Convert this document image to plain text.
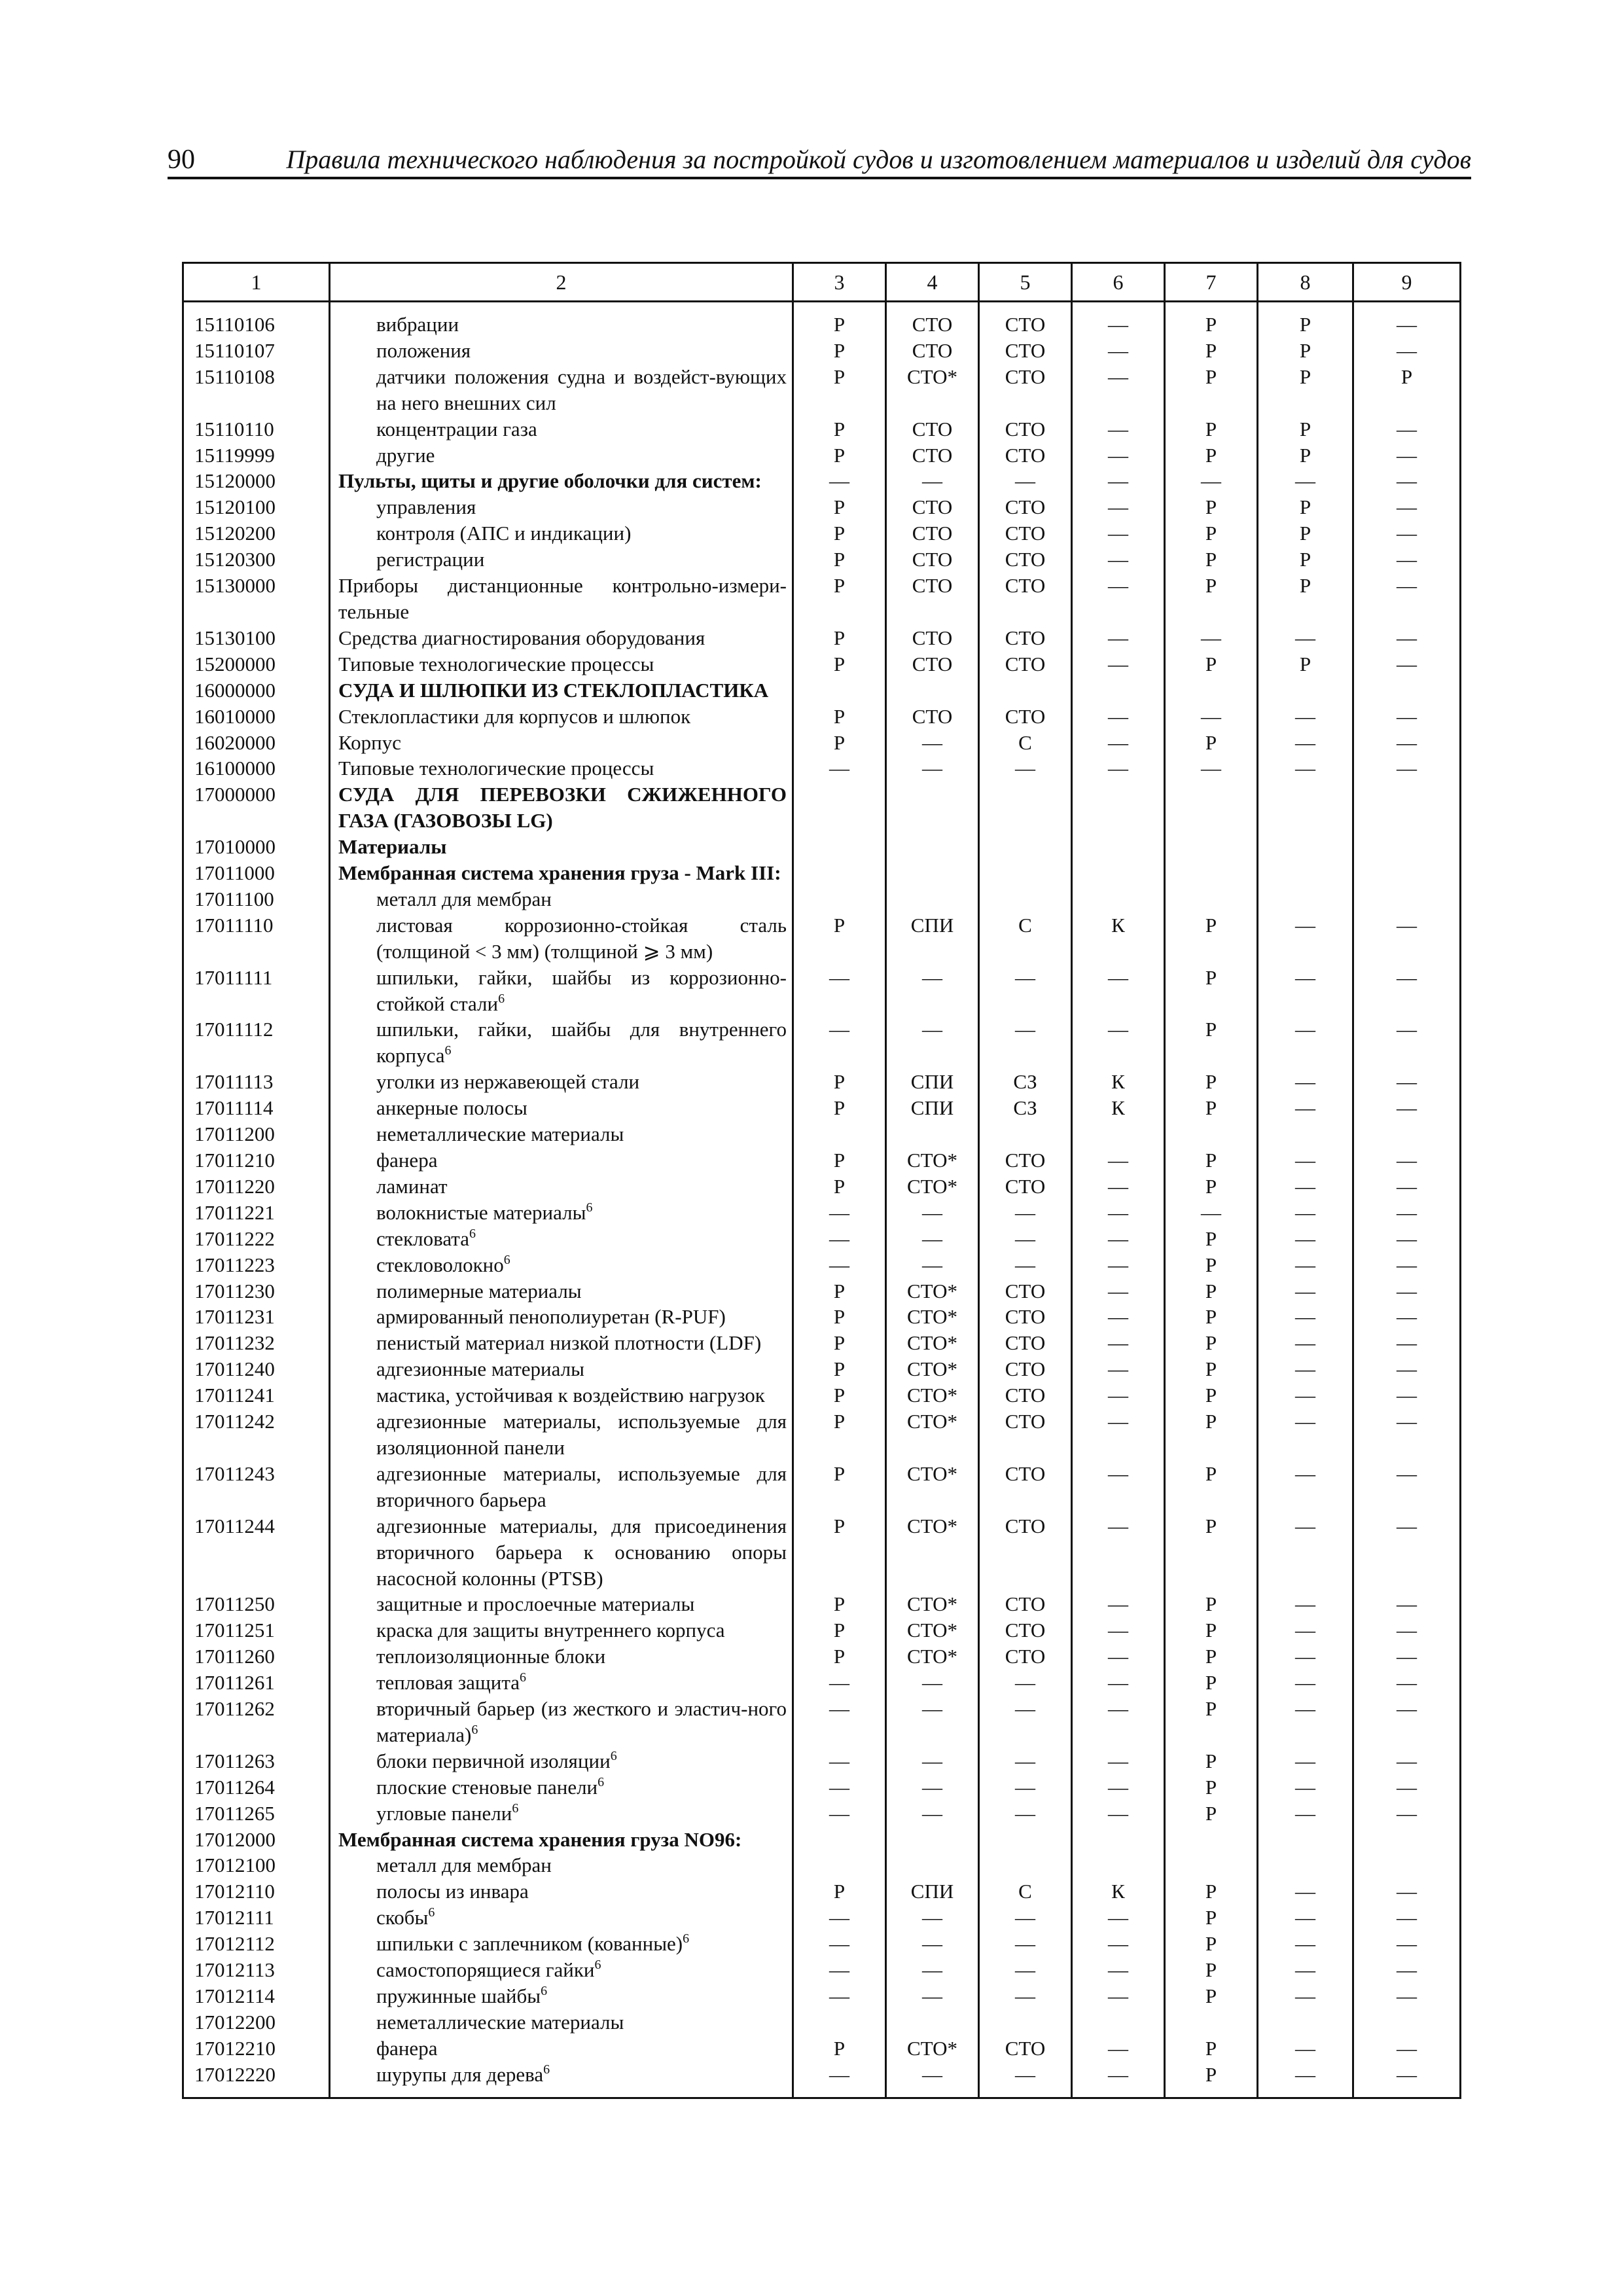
90	Правила технического наблюдения за постройкой судов и изготовлением материалов и изделий для судов
1	2	3	4	5	6	7	8	9
15110106	вибрации	Р	СТО	СТО	—	Р	Р	—
15110107	положения	Р	СТО	СТО	—	Р	Р	—
15110108	датчики положения судна и воздейст-вующих на него внешних сил	Р	СТО*	СТО	—	Р	Р	Р
15110110	концентрации газа	Р	СТО	СТО	—	Р	Р	—
15119999	другие	Р	СТО	СТО	—	Р	Р	—
15120000	Пульты, щиты и другие оболочки для систем:	—	—	—	—	—	—	—
15120100	управления	Р	СТО	СТО	—	Р	Р	—
15120200	контроля (АПС и индикации)	Р	СТО	СТО	—	Р	Р	—
15120300	регистрации	Р	СТО	СТО	—	Р	Р	—
15130000	Приборы дистанционные контрольно-измери-тельные	Р	СТО	СТО	—	Р	Р	—
15130100	Средства диагностирования оборудования	Р	СТО	СТО	—	—	—	—
15200000	Типовые технологические процессы	Р	СТО	СТО	—	Р	Р	—
16000000	СУДА И ШЛЮПКИ ИЗ СТЕКЛОПЛАСТИКА							
16010000	Стеклопластики для корпусов и шлюпок	Р	СТО	СТО	—	—	—	—
16020000	Корпус	Р	—	С	—	Р	—	—
16100000	Типовые технологические процессы	—	—	—	—	—	—	—
17000000	СУДА ДЛЯ ПЕРЕВОЗКИ СЖИЖЕННОГО ГАЗА (ГАЗОВОЗЫ LG)							
17010000	Материалы							
17011000	Мембранная система хранения груза - Mark III:							
17011100	металл для мембран							
17011110	листовая коррозионно-стойкая сталь (толщиной < 3 мм) (толщиной ⩾ 3 мм)	Р	СПИ	С	К	Р	—	—
17011111	шпильки, гайки, шайбы из коррозионно-стойкой стали$^6$	—	—	—	—	Р	—	—
17011112	шпильки, гайки, шайбы для внутреннего корпуса$^6$	—	—	—	—	Р	—	—
17011113	уголки из нержавеющей стали	Р	СПИ	СЗ	К	Р	—	—
17011114	анкерные полосы	Р	СПИ	СЗ	К	Р	—	—
17011200	неметаллические материалы							
17011210	фанера	Р	СТО*	СТО	—	Р	—	—
17011220	ламинат	Р	СТО*	СТО	—	Р	—	—
17011221	волокнистые материалы$^6$	—	—	—	—	—	—	—
17011222	стекловата$^6$	—	—	—	—	Р	—	—
17011223	стекловолокно$^6$	—	—	—	—	Р	—	—
17011230	полимерные материалы	Р	СТО*	СТО	—	Р	—	—
17011231	армированный пенополиуретан (R-PUF)	Р	СТО*	СТО	—	Р	—	—
17011232	пенистый материал низкой плотности (LDF)	Р	СТО*	СТО	—	Р	—	—
17011240	адгезионные материалы	Р	СТО*	СТО	—	Р	—	—
17011241	мастика, устойчивая к воздействию нагрузок	Р	СТО*	СТО	—	Р	—	—
17011242	адгезионные материалы, используемые для изоляционной панели	Р	СТО*	СТО	—	Р	—	—
17011243	адгезионные материалы, используемые для вторичного барьера	Р	СТО*	СТО	—	Р	—	—
17011244	адгезионные материалы, для присоединения вторичного барьера к основанию опоры насосной колонны (PTSB)	Р	СТО*	СТО	—	Р	—	—
17011250	защитные и прослоечные материалы	Р	СТО*	СТО	—	Р	—	—
17011251	краска для защиты внутреннего корпуса	Р	СТО*	СТО	—	Р	—	—
17011260	теплоизоляционные блоки	Р	СТО*	СТО	—	Р	—	—
17011261	тепловая защита$^6$	—	—	—	—	Р	—	—
17011262	вторичный барьер (из жесткого и эластич-ного материала)$^6$	—	—	—	—	Р	—	—
17011263	блоки первичной изоляции$^6$	—	—	—	—	Р	—	—
17011264	плоские стеновые панели$^6$	—	—	—	—	Р	—	—
17011265	угловые панели$^6$	—	—	—	—	Р	—	—
17012000	Мембранная система хранения груза NO96:							
17012100	металл для мембран							
17012110	полосы из инвара	Р	СПИ	С	К	Р	—	—
17012111	скобы$^6$	—	—	—	—	Р	—	—
17012112	шпильки с заплечником (кованные)$^6$	—	—	—	—	Р	—	—
17012113	самостопорящиеся гайки$^6$	—	—	—	—	Р	—	—
17012114	пружинные шайбы$^6$	—	—	—	—	Р	—	—
17012200	неметаллические материалы							
17012210	фанера	Р	СТО*	СТО	—	Р	—	—
17012220	шурупы для дерева$^6$	—	—	—	—	Р	—	—
